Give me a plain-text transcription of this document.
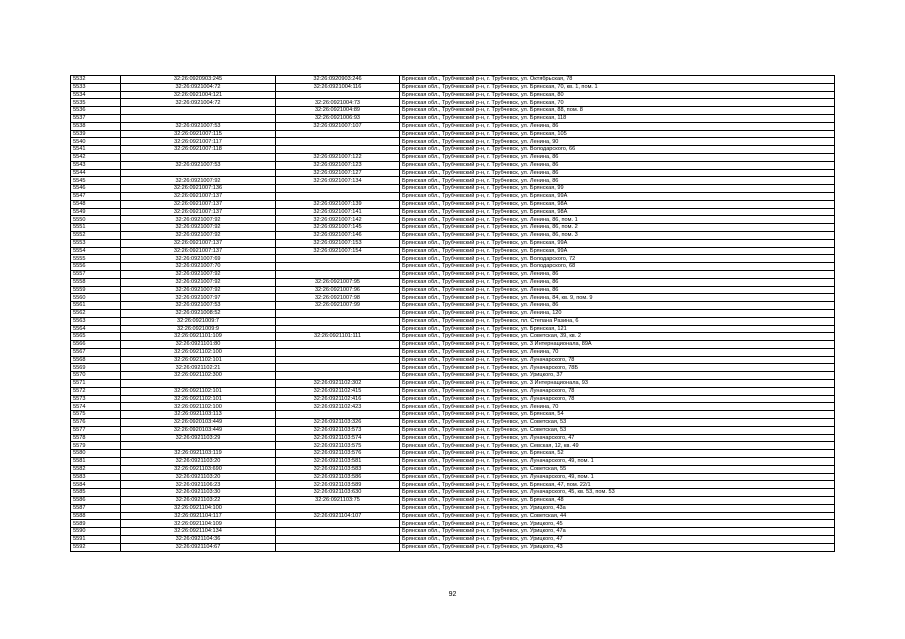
5532	32:26:0920903:245	32:26:0920903:246	Брянская обл., Трубчевский р-н, г. Трубчевск, ул. Октябрьская, 78
5533	32:26:0921004:72	32:26:0921004:116	Брянская обл., Трубчевский р-н, г. Трубчевск, ул. Брянская, 70, кв. 1, пом. 1
5534	32:26:0921004:121		Брянская обл., Трубчевский р-н, г. Трубчевск, ул. Брянская, 80
5535	32:26:0921004:72	32:26:0921004:73	Брянская обл., Трубчевский р-н, г. Трубчевск, ул. Брянская, 70
5536		32:26:0921004:89	Брянская обл., Трубчевский р-н, г. Трубчевск, ул. Брянская, 88, пом. 8
5537		32:26:0921006:93	Брянская обл., Трубчевский р-н, г. Трубчевск, ул. Брянская, 118
5538	32:26:0921007:53	32:26:0921007:107	Брянская обл., Трубчевский р-н, г. Трубчевск, ул. Ленина, 86
5539	32:26:0921007:115		Брянская обл., Трубчевский р-н, г. Трубчевск, ул. Брянская, 105
5540	32:26:0921007:117		Брянская обл., Трубчевский р-н, г. Трубчевск, ул. Ленина, 90
5541	32:26:0921007:118		Брянская обл., Трубчевский р-н, г. Трубчевск, ул. Володарского, 66
5542		32:26:0921007:122	Брянская обл., Трубчевский р-н, г. Трубчевск, ул. Ленина, 86
5543	32:26:0921007:53	32:26:0921007:123	Брянская обл., Трубчевский р-н, г. Трубчевск, ул. Ленина, 86
5544		32:26:0921007:127	Брянская обл., Трубчевский р-н, г. Трубчевск, ул. Ленина, 86
5545	32:26:0921007:92	32:26:0921007:134	Брянская обл., Трубчевский р-н, г. Трубчевск, ул. Ленина, 86
5546	32:26:0921007:136		Брянская обл., Трубчевский р-н, г. Трубчевск, ул. Брянская, 99
5547	32:26:0921007:137		Брянская обл., Трубчевский р-н, г. Трубчевск, ул. Брянская, 99А
5548	32:26:0921007:137	32:26:0921007:139	Брянская обл., Трубчевский р-н, г. Трубчевск, ул. Брянская, 98А
5549	32:26:0921007:137	32:26:0921007:141	Брянская обл., Трубчевский р-н, г. Трубчевск, ул. Брянская, 98А
5550	32:26:0921007:92	32:26:0921007:142	Брянская обл., Трубчевский р-н, г. Трубчевск, ул. Ленина, 86, пом. 1
5551	32:26:0921007:92	32:26:0921007:145	Брянская обл., Трубчевский р-н, г. Трубчевск, ул. Ленина, 86, пом. 2
5552	32:26:0921007:92	32:26:0921007:146	Брянская обл., Трубчевский р-н, г. Трубчевск, ул. Ленина, 86, пом. 3
5553	32:26:0921007:137	32:26:0921007:153	Брянская обл., Трубчевский р-н, г. Трубчевск, ул. Брянская, 99А
5554	32:26:0921007:137	32:26:0921007:154	Брянская обл., Трубчевский р-н, г. Трубчевск, ул. Брянская, 99А
5555	32:26:0921007:69		Брянская обл., Трубчевский р-н, г. Трубчевск, ул. Володарского, 72
5556	32:26:0921007:70		Брянская обл., Трубчевский р-н, г. Трубчевск, ул. Володарского, 68
5557	32:26:0921007:92		Брянская обл., Трубчевский р-н, г. Трубчевск, ул. Ленина, 86
5558	32:26:0921007:92	32:26:0921007:95	Брянская обл., Трубчевский р-н, г. Трубчевск, ул. Ленина, 86
5559	32:26:0921007:92	32:26:0921007:96	Брянская обл., Трубчевский р-н, г. Трубчевск, ул. Ленина, 86
5560	32:26:0921007:97	32:26:0921007:98	Брянская обл., Трубчевский р-н, г. Трубчевск, ул. Ленина, 84, кв. 9, пом. 9
5561	32:26:0921007:53	32:26:0921007:99	Брянская обл., Трубчевский р-н, г. Трубчевск, ул. Ленина, 86
5562	32:26:0921008:52		Брянская обл., Трубчевский р-н, г. Трубчевск, ул. Ленина, 120
5563	32:26:0921009:7		Брянская обл., Трубчевский р-н, г. Трубчевск, пл. Степана Разина, 6
5564	32:26:0921009:9		Брянская обл., Трубчевский р-н, г. Трубчевск, ул. Брянская, 121
5565	32:26:0921101:109	32:26:0921101:111	Брянская обл., Трубчевский р-н, г. Трубчевск, ул. Советская, 39, кв. 2
5566	32:26:0921101:80		Брянская обл., Трубчевский р-н, г. Трубчевск, ул. 3 Интернационала, 89А
5567	32:26:0921102:100		Брянская обл., Трубчевский р-н, г. Трубчевск, ул. Ленина, 70
5568	32:26:0921102:101		Брянская обл., Трубчевский р-н, г. Трубчевск, ул. Луначарского, 78
5569	32:26:0921102:21		Брянская обл., Трубчевский р-н, г. Трубчевск, ул. Луначарского, 78Б
5570	32:26:0921102:300		Брянская обл., Трубчевский р-н, г. Трубчевск, ул. Урицкого, 37
5571		32:26:0921102:302	Брянская обл., Трубчевский р-н, г. Трубчевск, ул. 3 Интернационала, 93
5572	32:26:0921102:101	32:26:0921102:415	Брянская обл., Трубчевский р-н, г. Трубчевск, ул. Луначарского, 78
5573	32:26:0921102:101	32:26:0921102:416	Брянская обл., Трубчевский р-н, г. Трубчевск, ул. Луначарского, 78
5574	32:26:0921102:100	32:26:0921102:423	Брянская обл., Трубчевский р-н, г. Трубчевск, ул. Ленина, 70
5575	32:26:0921103:113		Брянская обл., Трубчевский р-н, г. Трубчевск, ул. Брянская, 54
5576	32:26:0920103:449	32:26:0921103:326	Брянская обл., Трубчевский р-н, г. Трубчевск, ул. Советская, 53
5577	32:26:0920103:449	32:26:0921103:573	Брянская обл., Трубчевский р-н, г. Трубчевск, ул. Советская, 53
5578	32:26:0921103:29	32:26:0921103:574	Брянская обл., Трубчевский р-н, г. Трубчевск, ул. Луначарского, 47
5579		32:26:0921103:575	Брянская обл., Трубчевский р-н, г. Трубчевск, ул. Севская, 12, кв. 49
5580	32:26:0921103:119	32:26:0921103:576	Брянская обл., Трубчевский р-н, г. Трубчевск, ул. Брянская, 52
5581	32:26:0921103:20	32:26:0921103:581	Брянская обл., Трубчевский р-н, г. Трубчевск, ул. Луначарского, 49, пом. 1
5582	32:26:0921103:690	32:26:0921103:583	Брянская обл., Трубчевский р-н, г. Трубчевск, ул. Советская, 55
5583	32:26:0921103:20	32:26:0921103:586	Брянская обл., Трубчевский р-н, г. Трубчевск, ул. Луначарского, 49, пом. 1
5584	32:26:0921106:23	32:26:0921103:589	Брянская обл., Трубчевский р-н, г. Трубчевск, ул. Брянская, 47, пом. 22/1
5585	32:26:0921103:30	32:26:0921103:630	Брянская обл., Трубчевский р-н, г. Трубчевск, ул. Луначарского, 45, кв. 53, пом. 53
5586	32:26:0921103:22	32:26:0921103:75	Брянская обл., Трубчевский р-н, г. Трубчевск, ул. Брянская, 48
5587	32:26:0921104:100		Брянская обл., Трубчевский р-н, г. Трубчевск, ул. Урицкого, 43а
5588	32:26:0921104:117	32:26:0921104:107	Брянская обл., Трубчевский р-н, г. Трубчевск, ул. Советская, 44
5589	32:26:0921104:109		Брянская обл., Трубчевский р-н, г. Трубчевск, ул. Урицкого, 45
5590	32:26:0921104:134		Брянская обл., Трубчевский р-н, г. Трубчевск, ул. Урицкого, 47а
5591	32:26:0921104:36		Брянская обл., Трубчевский р-н, г. Трубчевск, ул. Урицкого, 47
5592	32:26:0921104:67		Брянская обл., Трубчевский р-н, г. Трубчевск, ул. Урицкого, 43
92
